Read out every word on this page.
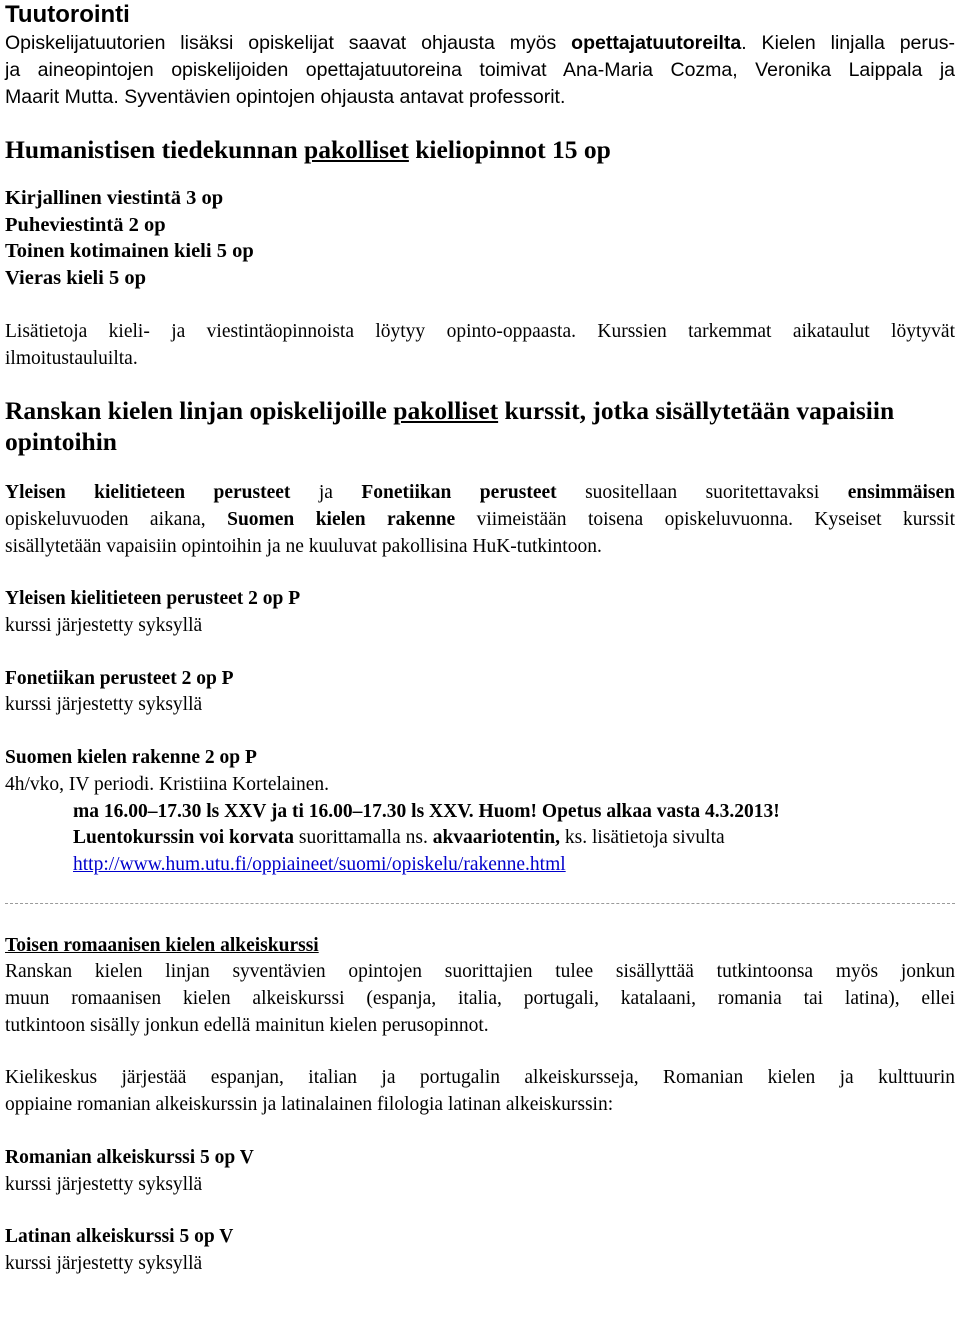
Tuutorointi
Opiskelijatuutorien lisäksi opiskelijat saavat ohjausta myös opettajatuutoreilta. Kielen linjalla perus-
ja aineopintojen opiskelijoiden opettajatuutoreina toimivat Ana-Maria Cozma, Veronika Laippala ja
Maarit Mutta. Syventävien opintojen ohjausta antavat professorit.
Humanistisen tiedekunnan pakolliset kieliopinnot 15 op
Kirjallinen viestintä 3 op
Puheviestintä 2 op
Toinen kotimainen kieli 5 op
Vieras kieli 5 op
Lisätietoja kieli- ja viestintäopinnoista löytyy opinto-oppaasta. Kurssien tarkemmat aikataulut löytyvät
ilmoitustauluilta.
Ranskan kielen linjan opiskelijoille pakolliset kurssit, jotka sisällytetään vapaisiin
opintoihin
Yleisen kielitieteen perusteet ja Fonetiikan perusteet suositellaan suoritettavaksi ensimmäisen
opiskeluvuoden aikana, Suomen kielen rakenne viimeistään toisena opiskeluvuonna. Kyseiset kurssit
sisällytetään vapaisiin opintoihin ja ne kuuluvat pakollisina HuK-tutkintoon.
Yleisen kielitieteen perusteet 2 op P
kurssi järjestetty syksyllä
Fonetiikan perusteet 2 op P
kurssi järjestetty syksyllä
Suomen kielen rakenne 2 op P
4h/vko, IV periodi. Kristiina Kortelainen.
ma 16.00–17.30 ls XXV ja ti 16.00–17.30 ls XXV. Huom! Opetus alkaa vasta 4.3.2013!
Luentokurssin voi korvata suorittamalla ns. akvaariotentin, ks. lisätietoja sivulta
http://www.hum.utu.fi/oppiaineet/suomi/opiskelu/rakenne.html
Toisen romaanisen kielen alkeiskurssi
Ranskan kielen linjan syventävien opintojen suorittajien tulee sisällyttää tutkintoonsa myös jonkun
muun romaanisen kielen alkeiskurssi (espanja, italia, portugali, katalaani, romania tai latina), ellei
tutkintoon sisälly jonkun edellä mainitun kielen perusopinnot.
Kielikeskus järjestää espanjan, italian ja portugalin alkeiskursseja, Romanian kielen ja kulttuurin
oppiaine romanian alkeiskurssin ja latinalainen filologia latinan alkeiskurssin:
Romanian alkeiskurssi 5 op V
kurssi järjestetty syksyllä
Latinan alkeiskurssi 5 op V
kurssi järjestetty syksyllä
